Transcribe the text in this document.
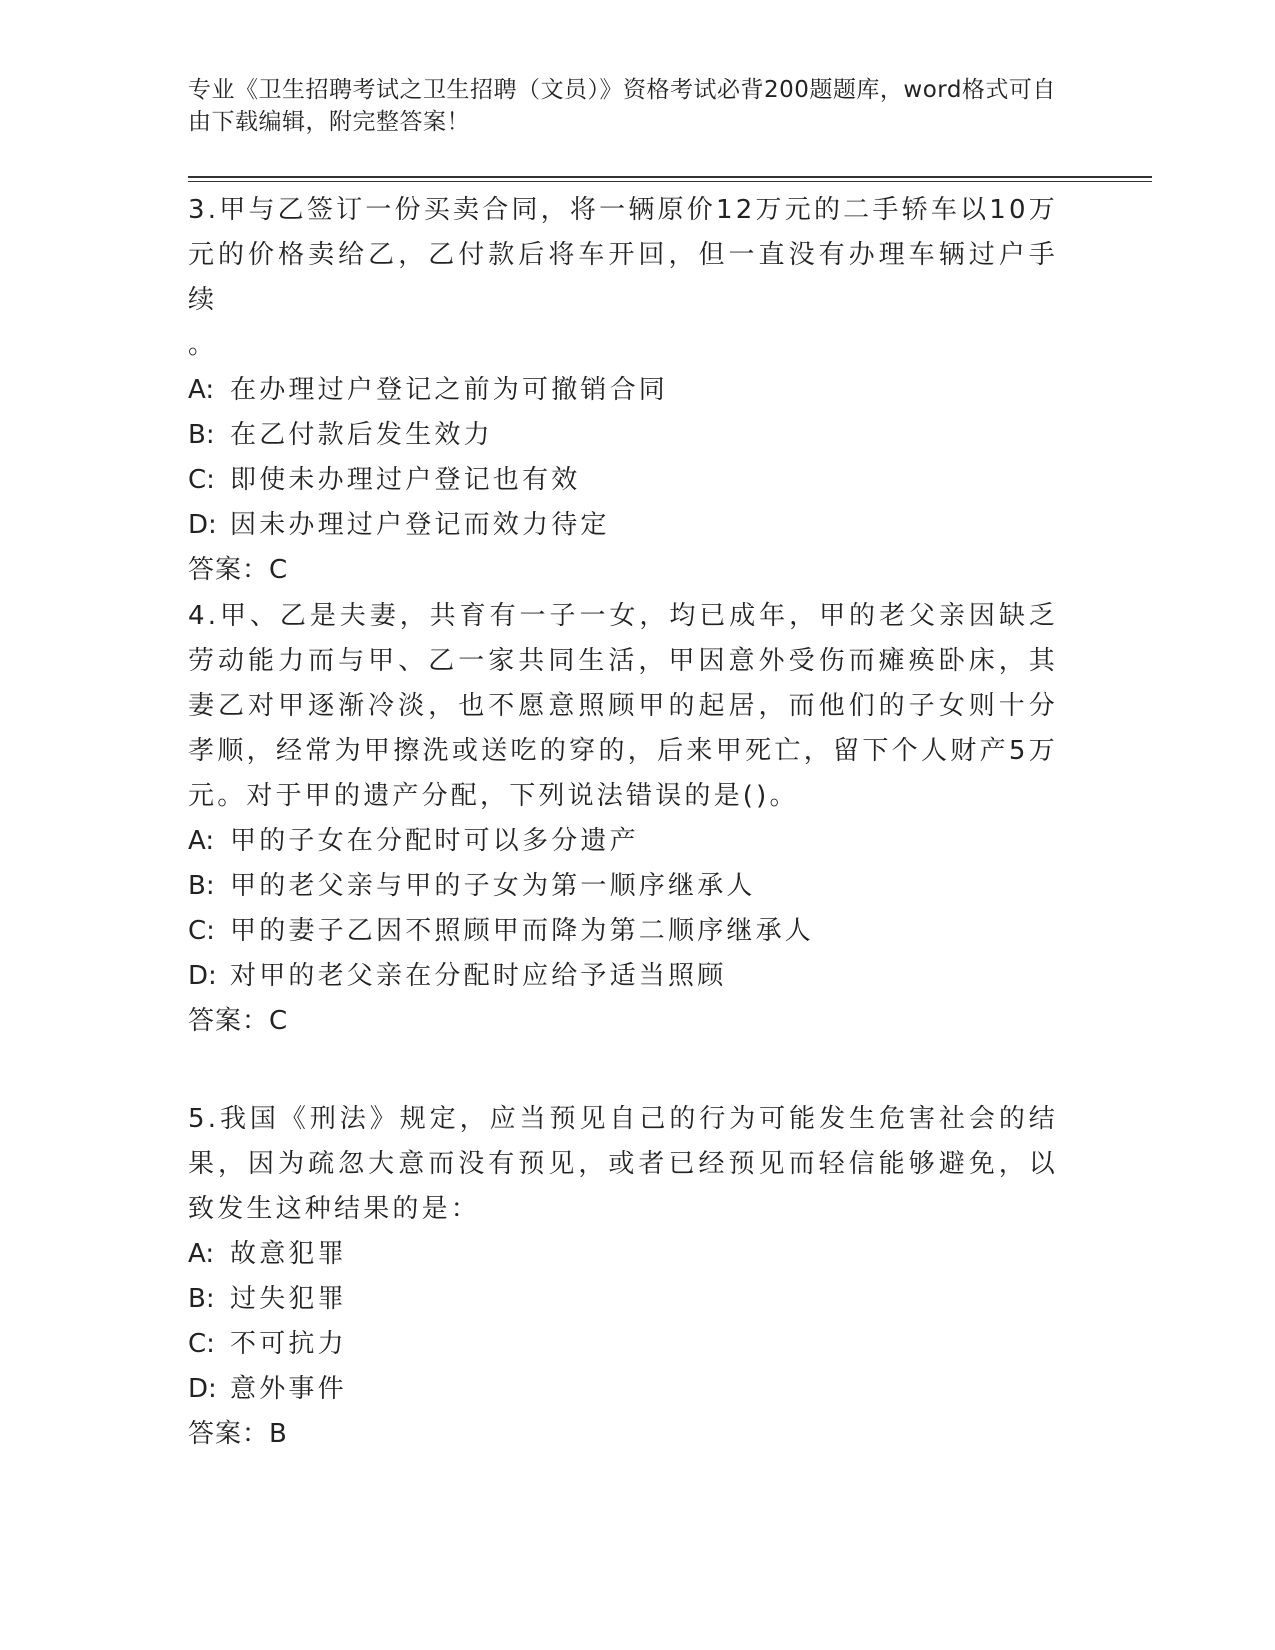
专业《卫生招聘考试之卫生招聘（文员）》资格考试必背200题题库，word格式可自由下载编辑，附完整答案！

3.甲与乙签订一份买卖合同，将一辆原价12万元的二手轿车以10万元的价格卖给乙，乙付款后将车开回，但一直没有办理车辆过户手续

。

A: 在办理过户登记之前为可撤销合同

B: 在乙付款后发生效力

C: 即使未办理过户登记也有效

D: 因未办理过户登记而效力待定

答案：C

4.甲、乙是夫妻，共育有一子一女，均已成年，甲的老父亲因缺乏劳动能力而与甲、乙一家共同生活，甲因意外受伤而瘫痪卧床，其妻乙对甲逐渐冷淡，也不愿意照顾甲的起居，而他们的子女则十分孝顺，经常为甲擦洗或送吃的穿的，后来甲死亡，留下个人财产5万元。对于甲的遗产分配，下列说法错误的是()。

A: 甲的子女在分配时可以多分遗产

B: 甲的老父亲与甲的子女为第一顺序继承人

C: 甲的妻子乙因不照顾甲而降为第二顺序继承人

D: 对甲的老父亲在分配时应给予适当照顾

答案：C

5.我国《刑法》规定，应当预见自己的行为可能发生危害社会的结果，因为疏忽大意而没有预见，或者已经预见而轻信能够避免，以致发生这种结果的是：

A: 故意犯罪

B: 过失犯罪

C: 不可抗力

D: 意外事件

答案：B
